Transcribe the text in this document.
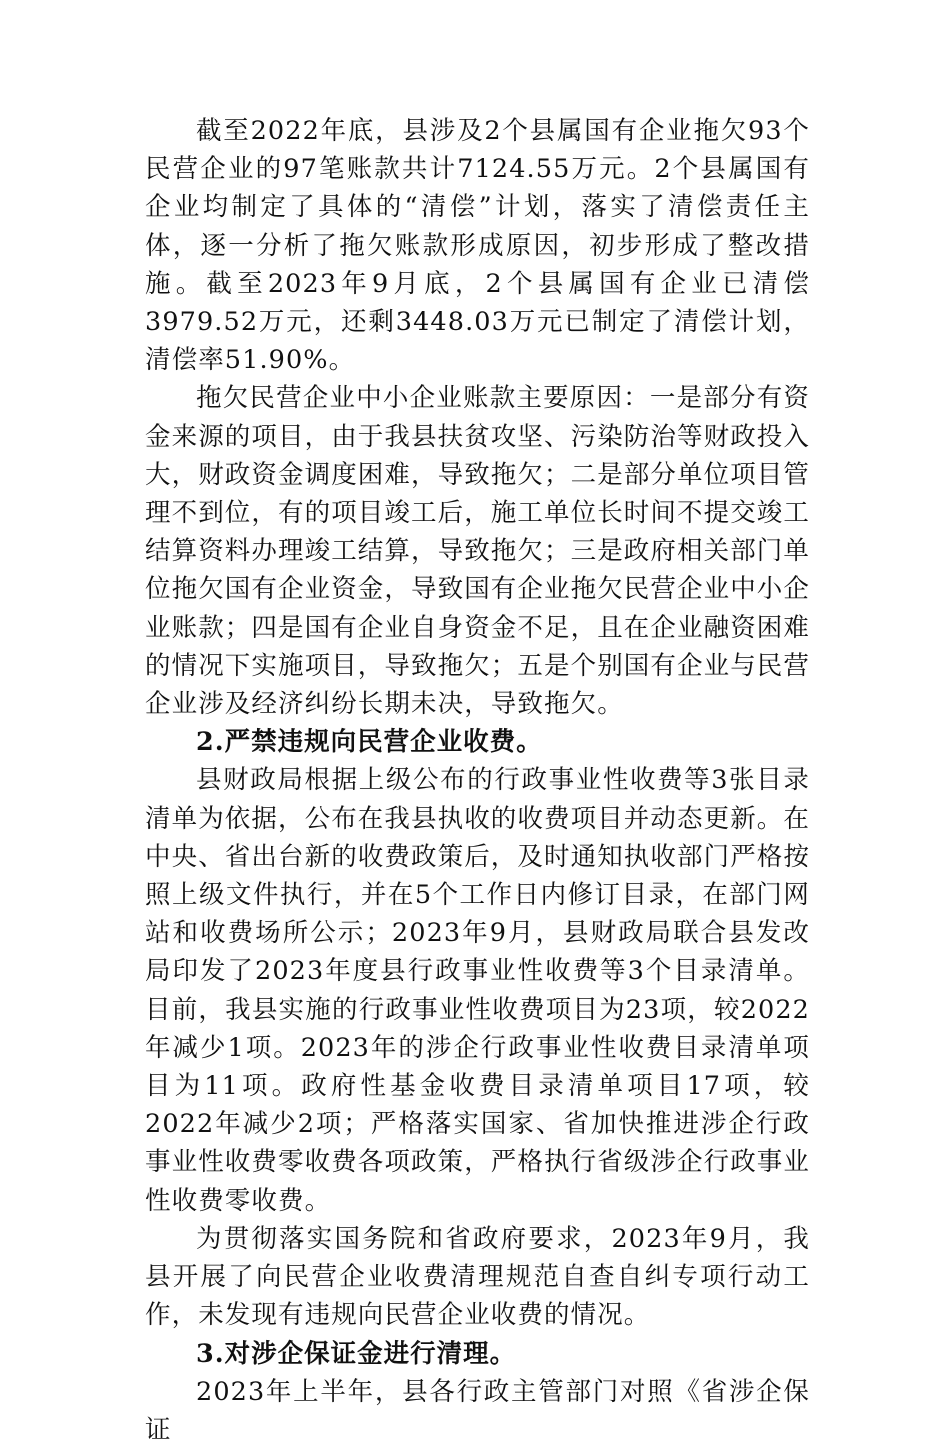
截至2022年底，县涉及2个县属国有企业拖欠93个民营企业的97笔账款共计7124.55万元。2个县属国有企业均制定了具体的“清偿”计划，落实了清偿责任主体，逐一分析了拖欠账款形成原因，初步形成了整改措施。截至2023年9月底，2个县属国有企业已清偿3979.52万元，还剩3448.03万元已制定了清偿计划，清偿率51.90%。

拖欠民营企业中小企业账款主要原因：一是部分有资金来源的项目，由于我县扶贫攻坚、污染防治等财政投入大，财政资金调度困难，导致拖欠；二是部分单位项目管理不到位，有的项目竣工后，施工单位长时间不提交竣工结算资料办理竣工结算，导致拖欠；三是政府相关部门单位拖欠国有企业资金，导致国有企业拖欠民营企业中小企业账款；四是国有企业自身资金不足，且在企业融资困难的情况下实施项目，导致拖欠；五是个别国有企业与民营企业涉及经济纠纷长期未决，导致拖欠。

2.严禁违规向民营企业收费。

县财政局根据上级公布的行政事业性收费等3张目录清单为依据，公布在我县执收的收费项目并动态更新。在中央、省出台新的收费政策后，及时通知执收部门严格按照上级文件执行，并在5个工作日内修订目录，在部门网站和收费场所公示；2023年9月，县财政局联合县发改局印发了2023年度县行政事业性收费等3个目录清单。目前，我县实施的行政事业性收费项目为23项，较2022年减少1项。2023年的涉企行政事业性收费目录清单项目为11项。政府性基金收费目录清单项目17项，较2022年减少2项；严格落实国家、省加快推进涉企行政事业性收费零收费各项政策，严格执行省级涉企行政事业性收费零收费。

为贯彻落实国务院和省政府要求，2023年9月，我县开展了向民营企业收费清理规范自查自纠专项行动工作，未发现有违规向民营企业收费的情况。

3.对涉企保证金进行清理。

2023年上半年，县各行政主管部门对照《省涉企保证
